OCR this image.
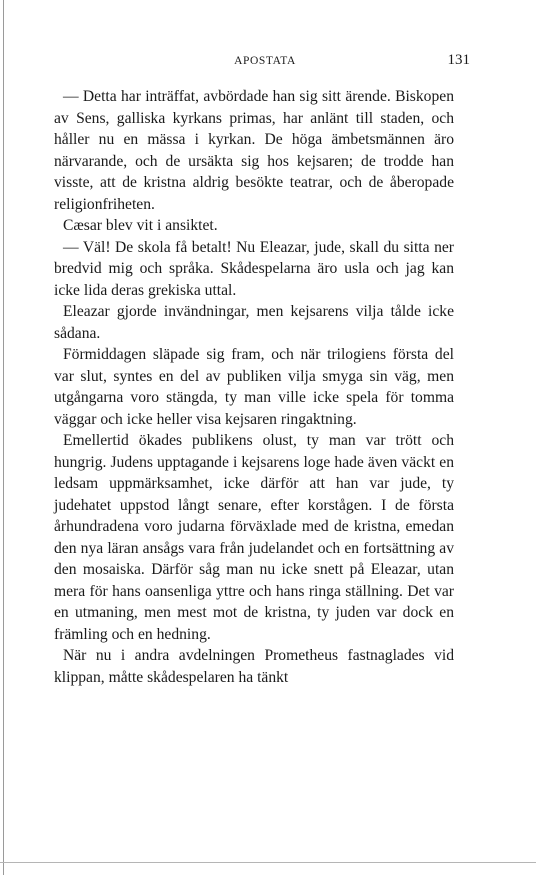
APOSTATA	131

— Detta har inträffat, avbördade han sig sitt ärende. Biskopen av Sens, galliska kyrkans primas, har anlänt till staden, och håller nu en mässa i kyrkan. De höga ämbetsmännen äro närvarande, och de ursäkta sig hos kejsaren; de trodde han visste, att de kristna aldrig besökte teatrar, och de åberopade religionfriheten.

Cæsar blev vit i ansiktet.

— Väl! De skola få betalt! Nu Eleazar, jude, skall du sitta ner bredvid mig och språka. Skådespelarna äro usla och jag kan icke lida deras grekiska uttal.

Eleazar gjorde invändningar, men kejsarens vilja tålde icke sådana.

Förmiddagen släpade sig fram, och när trilogiens första del var slut, syntes en del av publiken vilja smyga sin väg, men utgångarna voro stängda, ty man ville icke spela för tomma väggar och icke heller visa kejsaren ringaktning.

Emellertid ökades publikens olust, ty man var trött och hungrig. Judens upptagande i kejsarens loge hade även väckt en ledsam uppmärksamhet, icke därför att han var jude, ty judehatet uppstod långt senare, efter korstågen. I de första århundradena voro judarna förväxlade med de kristna, emedan den nya läran ansågs vara från judelandet och en fortsättning av den mosaiska. Därför såg man nu icke snett på Eleazar, utan mera för hans oansenliga yttre och hans ringa ställning. Det var en utmaning, men mest mot de kristna, ty juden var dock en främling och en hedning.

När nu i andra avdelningen Prometheus fastnaglades vid klippan, måtte skådespelaren ha tänkt
